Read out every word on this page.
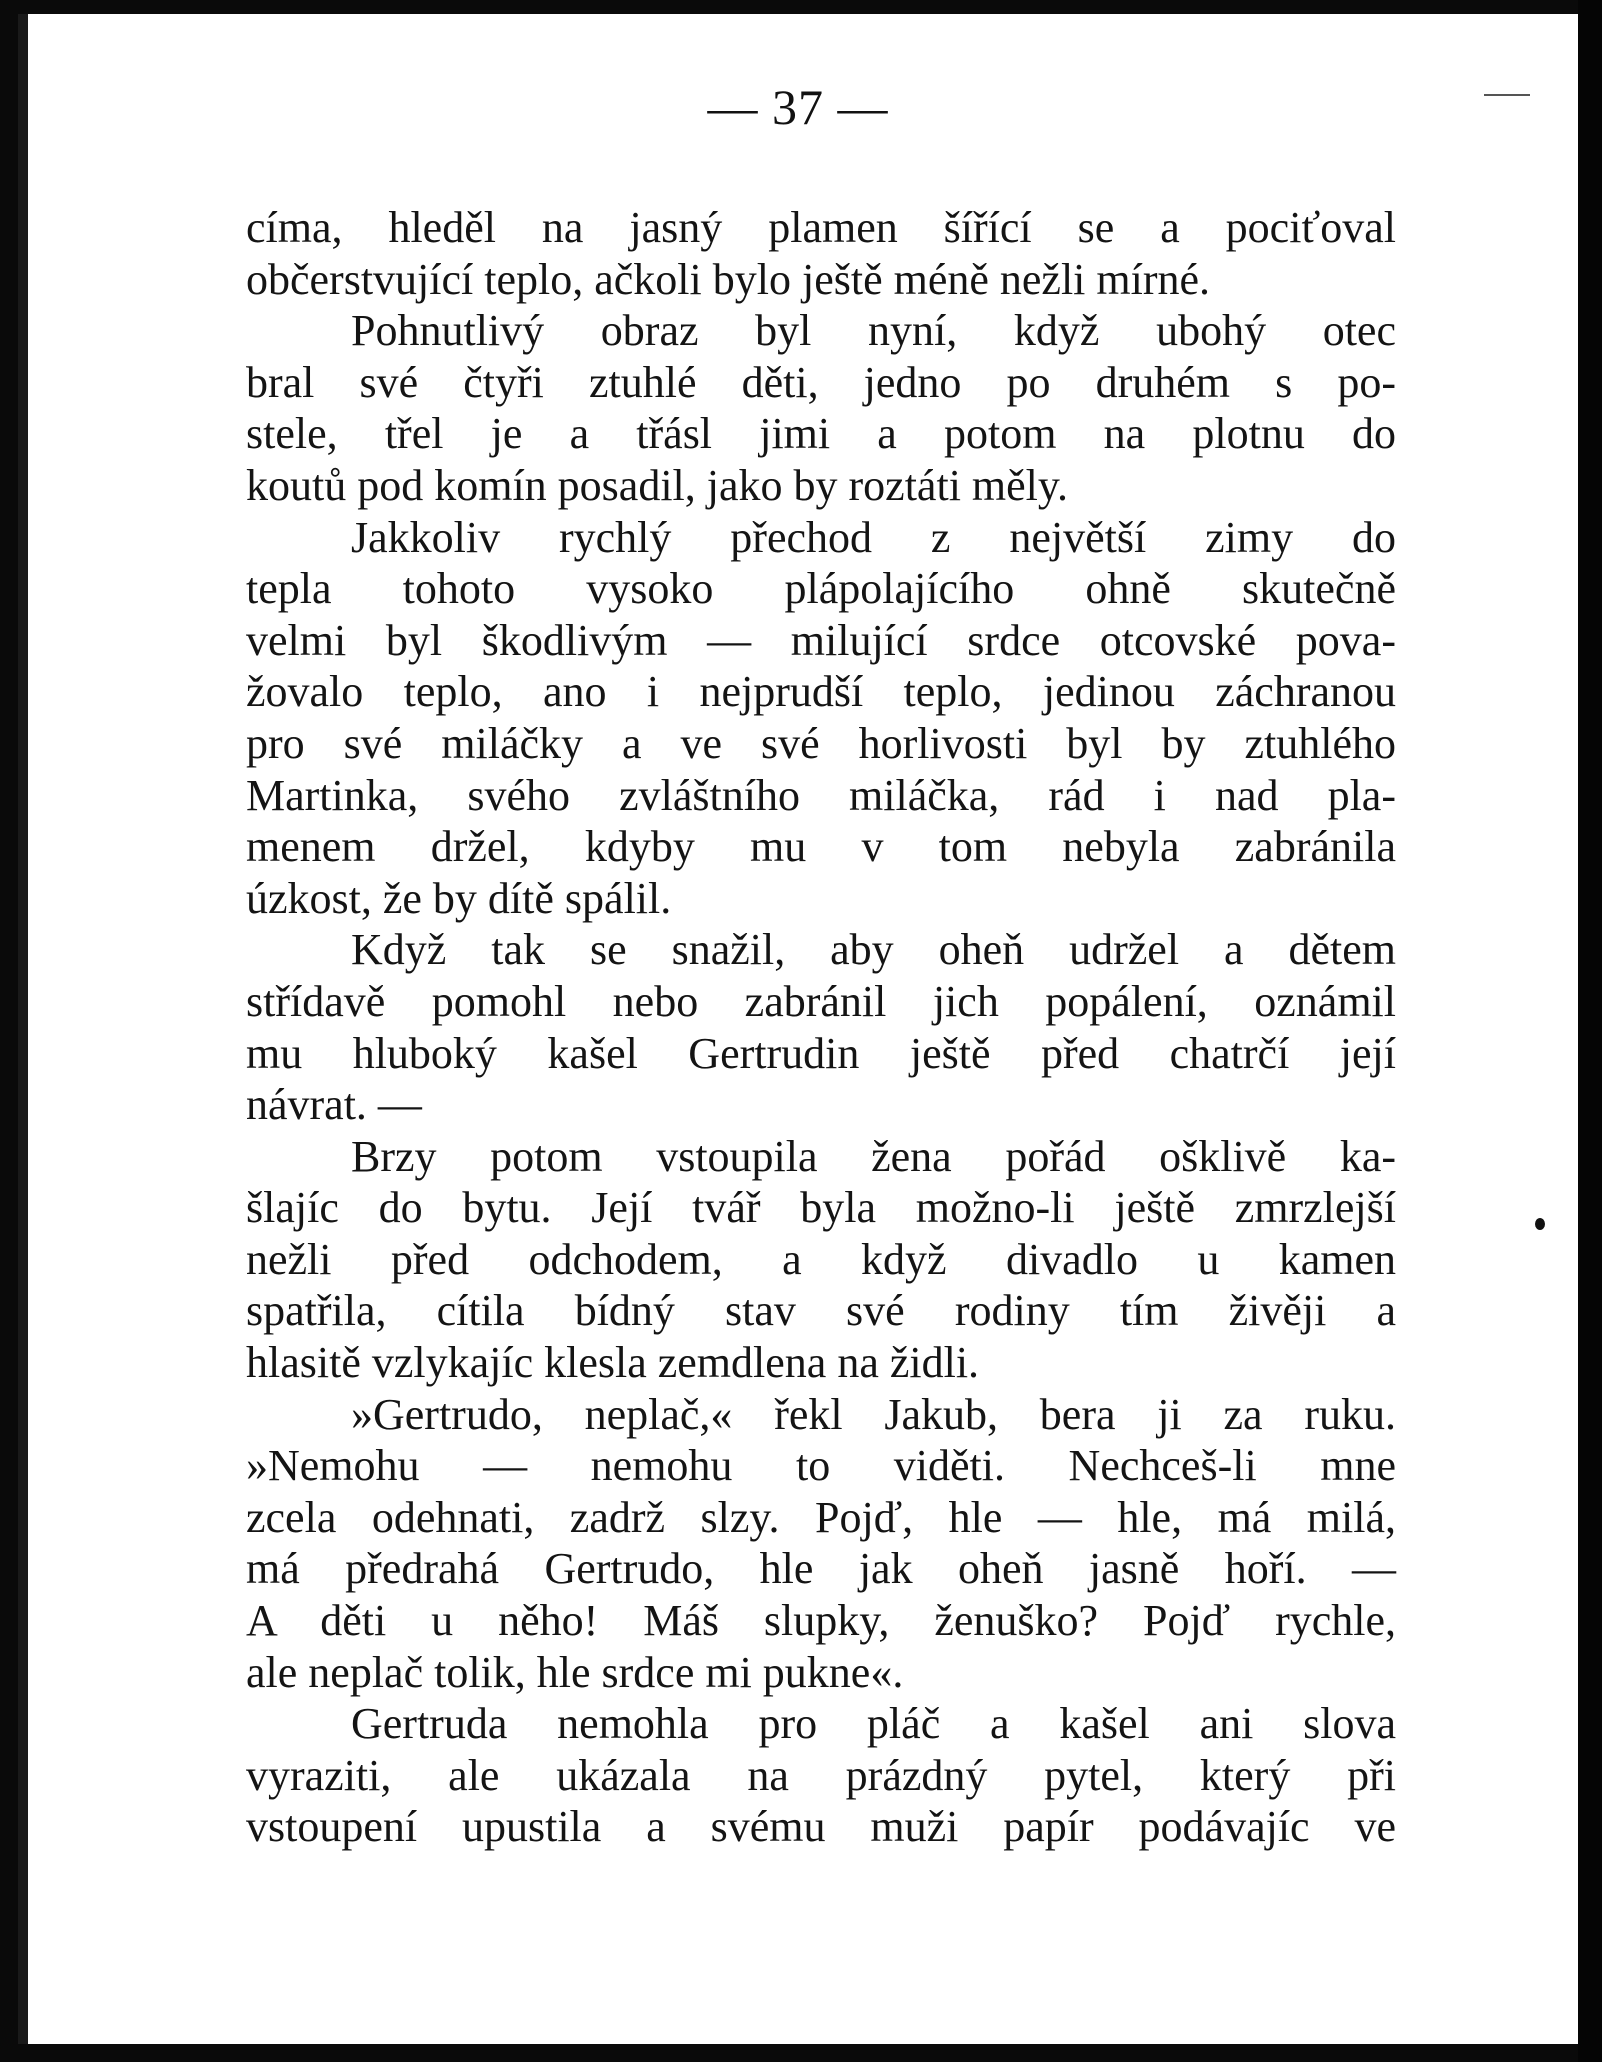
— 37 —
címa, hleděl na jasný plamen šířící se a pociťoval
občerstvující teplo, ačkoli bylo ještě méně nežli mírné.
Pohnutlivý obraz byl nyní, když ubohý otec
bral své čtyři ztuhlé děti, jedno po druhém s po-
stele, třel je a třásl jimi a potom na plotnu do
koutů pod komín posadil, jako by roztáti měly.
Jakkoliv rychlý přechod z největší zimy do
tepla tohoto vysoko plápolajícího ohně skutečně
velmi byl škodlivým — milující srdce otcovské pova-
žovalo teplo, ano i nejprudší teplo, jedinou záchranou
pro své miláčky a ve své horlivosti byl by ztuhlého
Martinka, svého zvláštního miláčka, rád i nad pla-
menem držel, kdyby mu v tom nebyla zabránila
úzkost, že by dítě spálil.
Když tak se snažil, aby oheň udržel a dětem
střídavě pomohl nebo zabránil jich popálení, oznámil
mu hluboký kašel Gertrudin ještě před chatrčí její
návrat. —
Brzy potom vstoupila žena pořád ošklivě ka-
šlajíc do bytu. Její tvář byla možno-li ještě zmrzlejší
nežli před odchodem, a když divadlo u kamen
spatřila, cítila bídný stav své rodiny tím živěji a
hlasitě vzlykajíc klesla zemdlena na židli.
»Gertrudo, neplač,« řekl Jakub, bera ji za ruku.
»Nemohu — nemohu to viděti. Nechceš-li mne
zcela odehnati, zadrž slzy. Pojď, hle — hle, má milá,
má předrahá Gertrudo, hle jak oheň jasně hoří. —
A děti u něho! Máš slupky, ženuško? Pojď rychle,
ale neplač tolik, hle srdce mi pukne«.
Gertruda nemohla pro pláč a kašel ani slova
vyraziti, ale ukázala na prázdný pytel, který při
vstoupení upustila a svému muži papír podávajíc ve
